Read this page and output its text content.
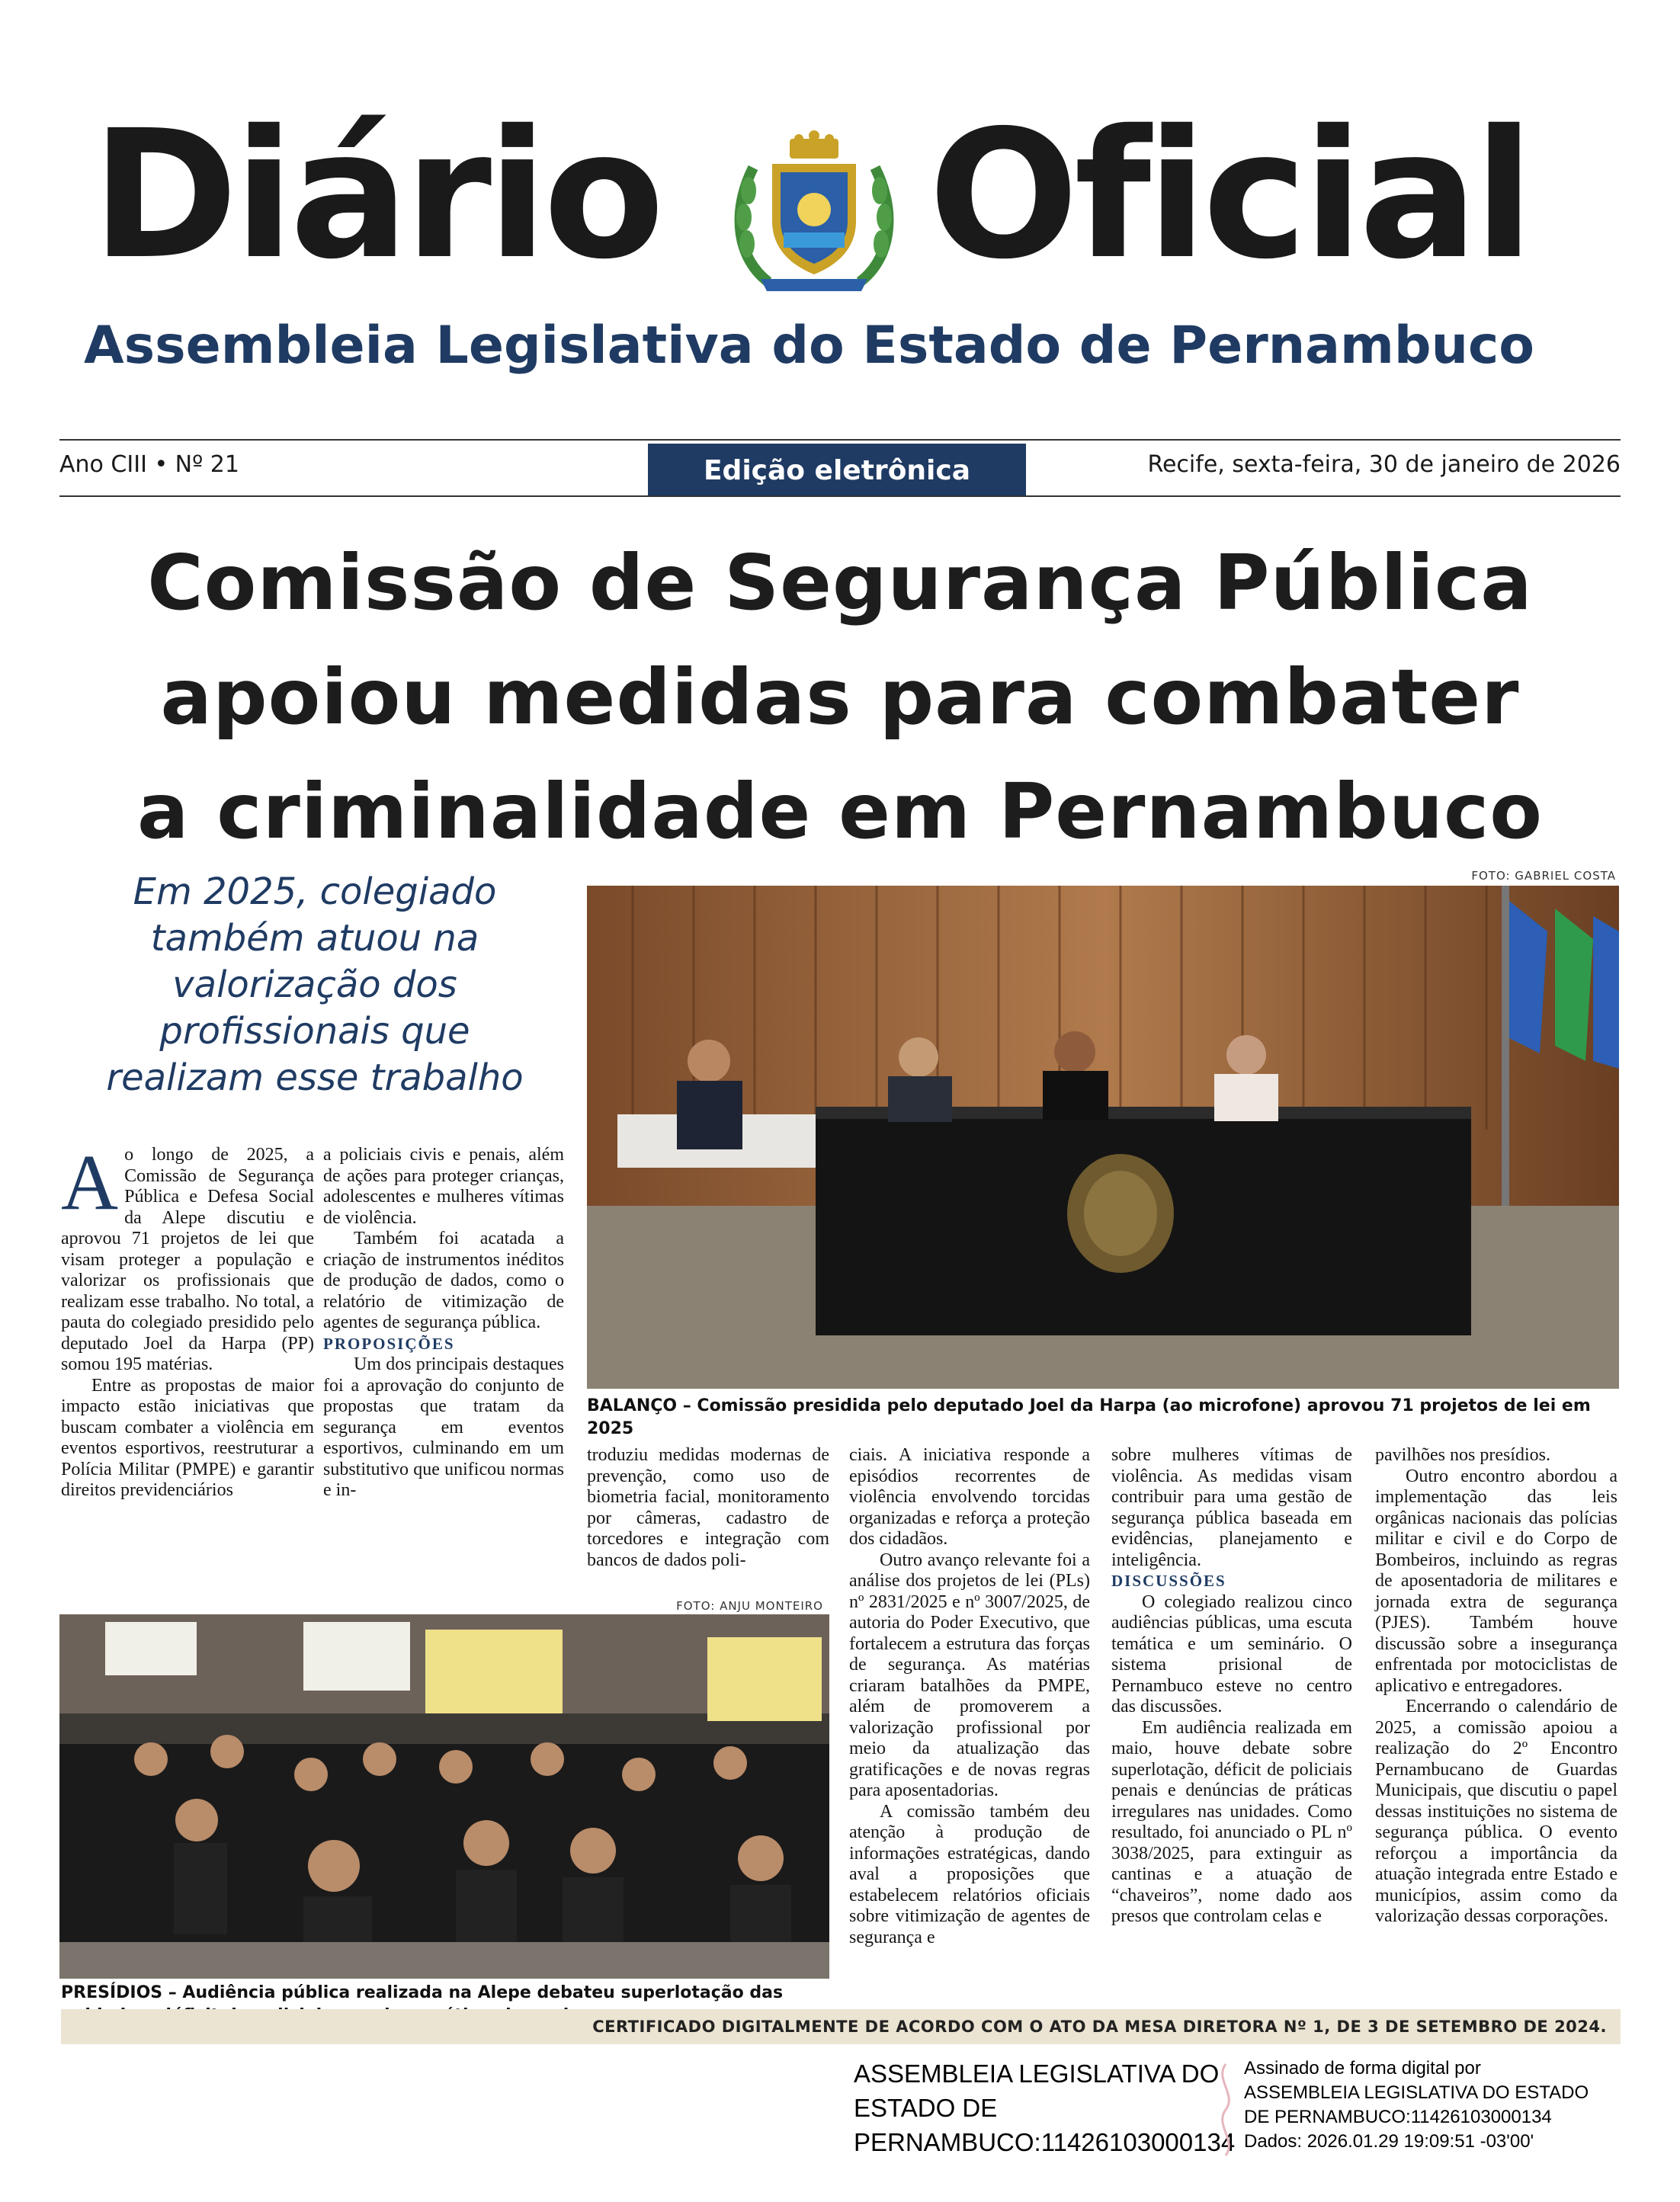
Diário Oficial
Assembleia Legislativa do Estado de Pernambuco
Ano CIII • Nº 21	Edição eletrônica	Recife, sexta-feira, 30 de janeiro de 2026
Comissão de Segurança Pública
apoiou medidas para combater
a criminalidade em Pernambuco
Em 2025, colegiado
também atuou na
valorização dos
profissionais que
realizam esse trabalho
FOTO: GABRIEL COSTA
BALANÇO – Comissão presidida pelo deputado Joel da Harpa (ao microfone) aprovou 71 projetos de lei em 2025

Ao longo de 2025, a Comissão de Segurança Pública e Defesa Social da Alepe discutiu e aprovou 71 projetos de lei que visam proteger a população e valorizar os profissionais que realizam esse trabalho. No total, a pauta do colegiado presidido pelo deputado Joel da Harpa (PP) somou 195 matérias.

Entre as propostas de maior impacto estão iniciativas que buscam combater a violência em eventos esportivos, reestruturar a Polícia Militar (PMPE) e garantir direitos previdenciários

a policiais civis e penais, além de ações para proteger crianças, adolescentes e mulheres vítimas de violência.

Também foi acatada a criação de instrumentos inéditos de produção de dados, como o relatório de vitimização de agentes de segurança pública.

PROPOSIÇÕES

Um dos principais destaques foi a aprovação do conjunto de propostas que tratam da segurança em eventos esportivos, culminando em um substitutivo que unificou normas e in-

troduziu medidas modernas de prevenção, como uso de biometria facial, monitoramento por câmeras, cadastro de torcedores e integração com bancos de dados poli-

ciais. A iniciativa responde a episódios recorrentes de violência envolvendo torcidas organizadas e reforça a proteção dos cidadãos.

Outro avanço relevante foi a análise dos projetos de lei (PLs) nº 2831/2025 e nº 3007/2025, de autoria do Poder Executivo, que fortalecem a estrutura das forças de segurança. As matérias criaram batalhões da PMPE, além de promoverem a valorização profissional por meio da atualização das gratificações e de novas regras para aposentadorias.

A comissão também deu atenção à produção de informações estratégicas, dando aval a proposições que estabelecem relatórios oficiais sobre vitimização de agentes de segurança e

sobre mulheres vítimas de violência. As medidas visam contribuir para uma gestão de segurança pública baseada em evidências, planejamento e inteligência.

DISCUSSÕES

O colegiado realizou cinco audiências públicas, uma escuta temática e um seminário. O sistema prisional de Pernambuco esteve no centro das discussões.

Em audiência realizada em maio, houve debate sobre superlotação, déficit de policiais penais e denúncias de práticas irregulares nas unidades. Como resultado, foi anunciado o PL nº 3038/2025, para extinguir as cantinas e a atuação de “chaveiros”, nome dado aos presos que controlam celas e

pavilhões nos presídios.

Outro encontro abordou a implementação das leis orgânicas nacionais das polícias militar e civil e do Corpo de Bombeiros, incluindo as regras de aposentadoria de militares e jornada extra de segurança (PJES). Também houve discussão sobre a insegurança enfrentada por motociclistas de aplicativo e entregadores.

Encerrando o calendário de 2025, a comissão apoiou a realização do 2º Encontro Pernambucano de Guardas Municipais, que discutiu o papel dessas instituições no sistema de segurança pública. O evento reforçou a importância da atuação integrada entre Estado e municípios, assim como da valorização dessas corporações.

FOTO: ANJU MONTEIRO
PRESÍDIOS – Audiência pública realizada na Alepe debateu superlotação das
CERTIFICADO DIGITALMENTE DE ACORDO COM O ATO DA MESA DIRETORA Nº 1, DE 3 DE SETEMBRO DE 2024.
ASSEMBLEIA LEGISLATIVA DO
ESTADO DE
PERNAMBUCO:11426103000134
Assinado de forma digital por
ASSEMBLEIA LEGISLATIVA DO ESTADO
DE PERNAMBUCO:11426103000134
Dados: 2026.01.29 19:09:51 -03'00'
